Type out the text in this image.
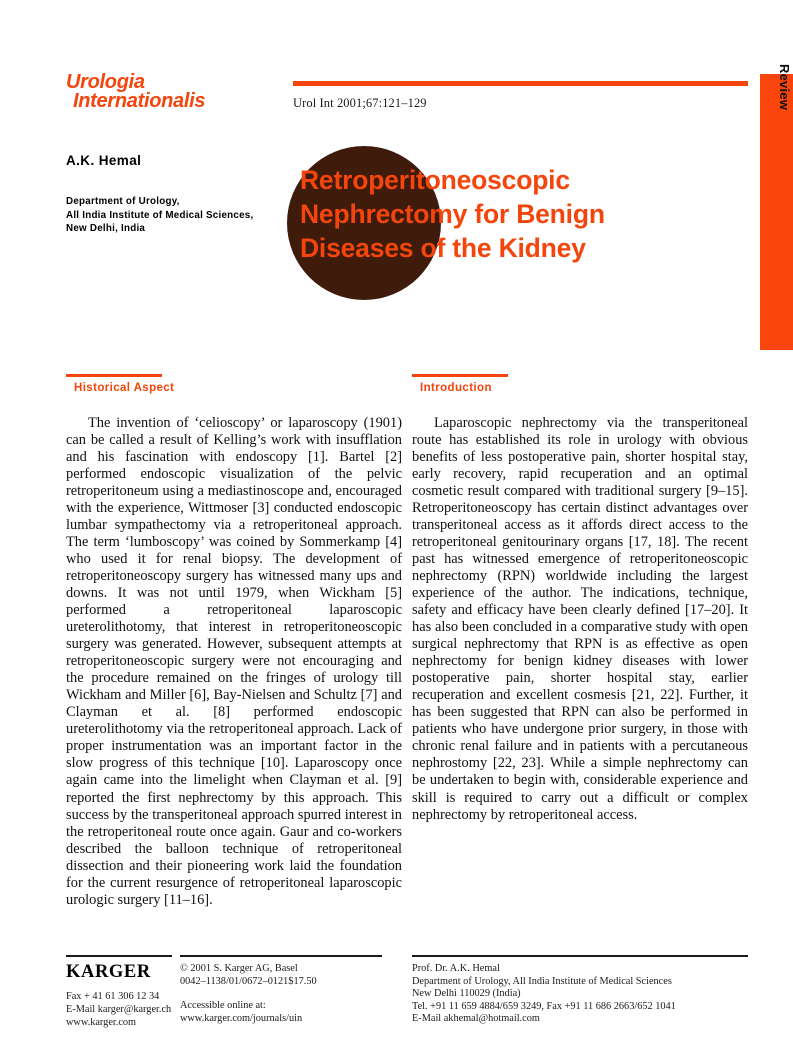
Urologia
Internationalis	Urol Int 2001;67:121–129	Review
A.K. Hemal
Department of Urology,
All India Institute of Medical Sciences,
New Delhi, India
Retroperitoneoscopic
Nephrectomy for Benign
Diseases of the Kidney
Historical Aspect

The invention of ‘celioscopy’ or laparoscopy (1901) can be called a result of Kelling’s work with insufflation and his fascination with endoscopy [1]. Bartel [2] performed endoscopic visualization of the pelvic retroperitoneum using a mediastinoscope and, encouraged with the experience, Wittmoser [3] conducted endoscopic lumbar sympathectomy via a retroperitoneal approach. The term ‘lumboscopy’ was coined by Sommerkamp [4] who used it for renal biopsy. The development of retroperitoneoscopy surgery has witnessed many ups and downs. It was not until 1979, when Wickham [5] performed a retroperitoneal laparoscopic ureterolithotomy, that interest in retroperitoneoscopic surgery was generated. However, subsequent attempts at retroperitoneoscopic surgery were not encouraging and the procedure remained on the fringes of urology till Wickham and Miller [6], Bay-Nielsen and Schultz [7] and Clayman et al. [8] performed endoscopic ureterolithotomy via the retroperitoneal approach. Lack of proper instrumentation was an important factor in the slow progress of this technique [10]. Laparoscopy once again came into the limelight when Clayman et al. [9] reported the first nephrectomy by this approach. This success by the transperitoneal approach spurred interest in the retroperitoneal route once again. Gaur and co-workers described the balloon technique of retroperitoneal dissection and their pioneering work laid the foundation for the current resurgence of retroperitoneal laparoscopic urologic surgery [11–16].

Introduction

Laparoscopic nephrectomy via the transperitoneal route has established its role in urology with obvious benefits of less postoperative pain, shorter hospital stay, early recovery, rapid recuperation and an optimal cosmetic result compared with traditional surgery [9–15]. Retroperitoneoscopy has certain distinct advantages over transperitoneal access as it affords direct access to the retroperitoneal genitourinary organs [17, 18]. The recent past has witnessed emergence of retroperitoneoscopic nephrectomy (RPN) worldwide including the largest experience of the author. The indications, technique, safety and efficacy have been clearly defined [17–20]. It has also been concluded in a comparative study with open surgical nephrectomy that RPN is as effective as open nephrectomy for benign kidney diseases with lower postoperative pain, shorter hospital stay, earlier recuperation and excellent cosmesis [21, 22]. Further, it has been suggested that RPN can also be performed in patients who have undergone prior surgery, in those with chronic renal failure and in patients with a percutaneous nephrostomy [22, 23]. While a simple nephrectomy can be undertaken to begin with, considerable experience and skill is required to carry out a difficult or complex nephrectomy by retroperitoneal access.

KARGER
Fax + 41 61 306 12 34
E-Mail karger@karger.ch
www.karger.com
© 2001 S. Karger AG, Basel
0042–1138/01/0672–0121$17.50
Accessible online at:
www.karger.com/journals/uin
Prof. Dr. A.K. Hemal
Department of Urology, All India Institute of Medical Sciences
New Delhi 110029 (India)
Tel. +91 11 659 4884/659 3249, Fax +91 11 686 2663/652 1041
E-Mail akhemal@hotmail.com
